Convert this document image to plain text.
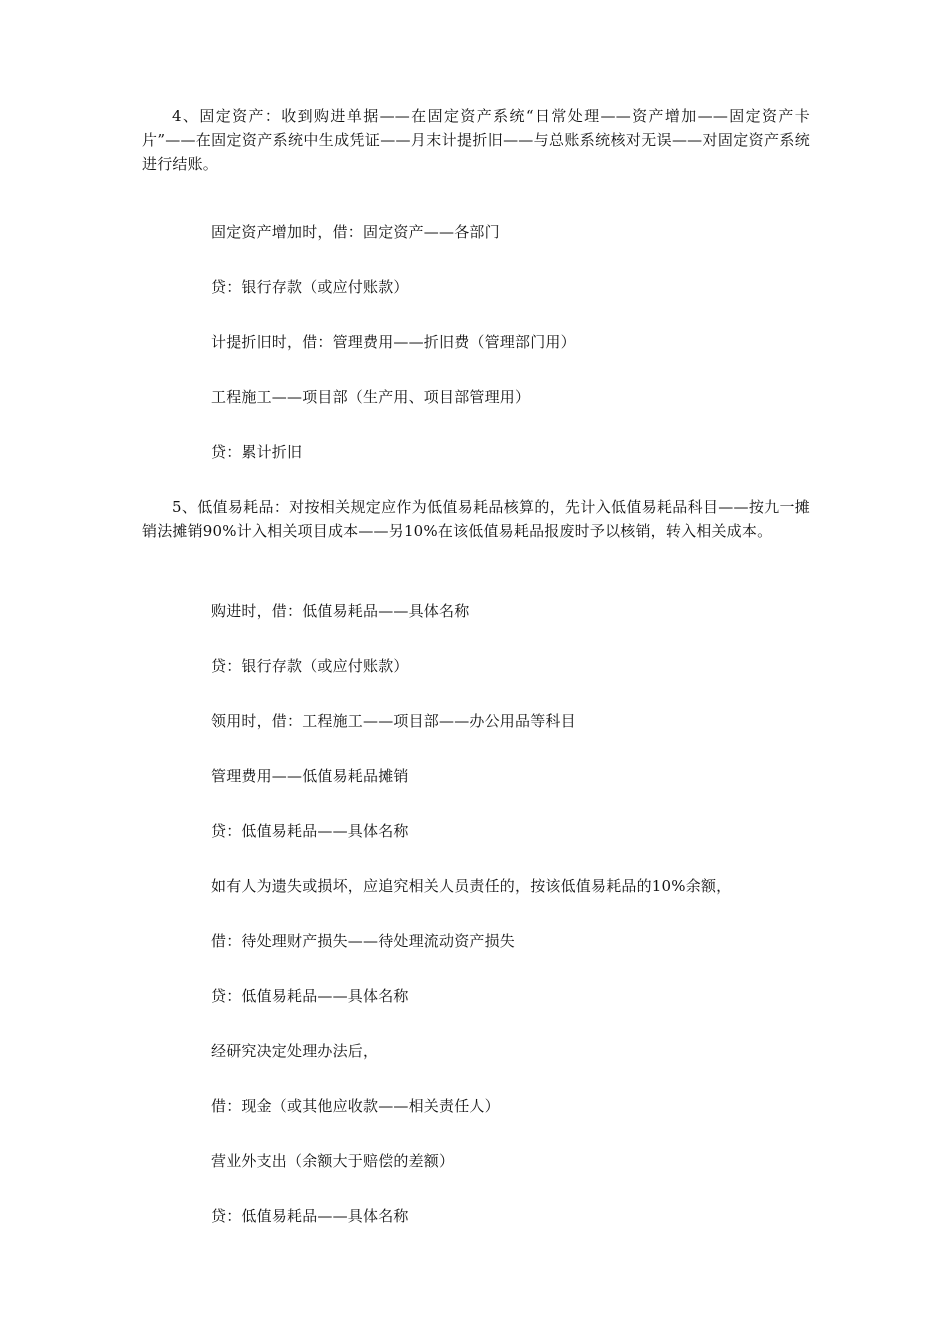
4、固定资产：收到购进单据——在固定资产系统“日常处理——资产增加——固定资产卡片”——在固定资产系统中生成凭证——月末计提折旧——与总账系统核对无误——对固定资产系统进行结账。

固定资产增加时，借：固定资产——各部门

贷：银行存款（或应付账款）

计提折旧时，借：管理费用——折旧费（管理部门用）

工程施工——项目部（生产用、项目部管理用）

贷：累计折旧

5、低值易耗品：对按相关规定应作为低值易耗品核算的，先计入低值易耗品科目——按九一摊销法摊销90%计入相关项目成本——另10%在该低值易耗品报废时予以核销，转入相关成本。

购进时，借：低值易耗品——具体名称

贷：银行存款（或应付账款）

领用时，借：工程施工——项目部——办公用品等科目

管理费用——低值易耗品摊销

贷：低值易耗品——具体名称

如有人为遗失或损坏，应追究相关人员责任的，按该低值易耗品的10%余额，

借：待处理财产损失——待处理流动资产损失

贷：低值易耗品——具体名称

经研究决定处理办法后，

借：现金（或其他应收款——相关责任人）

营业外支出（余额大于赔偿的差额）

贷：低值易耗品——具体名称
